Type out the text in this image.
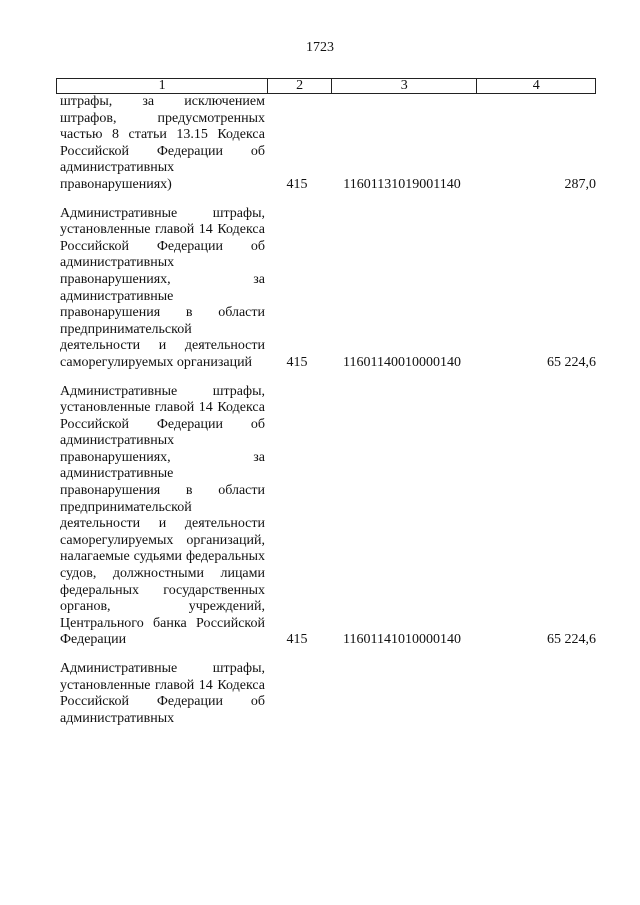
1723
1	2	3	4
штрафы, за исключением штрафов, предусмотренных частью 8 статьи 13.15 Кодекса Российской Федерации об административных правонарушениях)	415	11601131019001140	287,0
Административные штрафы, установленные главой 14 Кодекса Российской Федерации об административных правонарушениях, за административные правонарушения в области предпринимательской деятельности и деятельности саморегулируемых организаций	415	11601140010000140	65 224,6
Административные штрафы, установленные главой 14 Кодекса Российской Федерации об административных правонарушениях, за административные правонарушения в области предпринимательской деятельности и деятельности саморегулируемых организаций, налагаемые судьями федеральных судов, должностными лицами федеральных государственных органов, учреждений, Центрального банка Российской Федерации	415	11601141010000140	65 224,6
Административные штрафы, установленные главой 14 Кодекса Российской Федерации об административных
